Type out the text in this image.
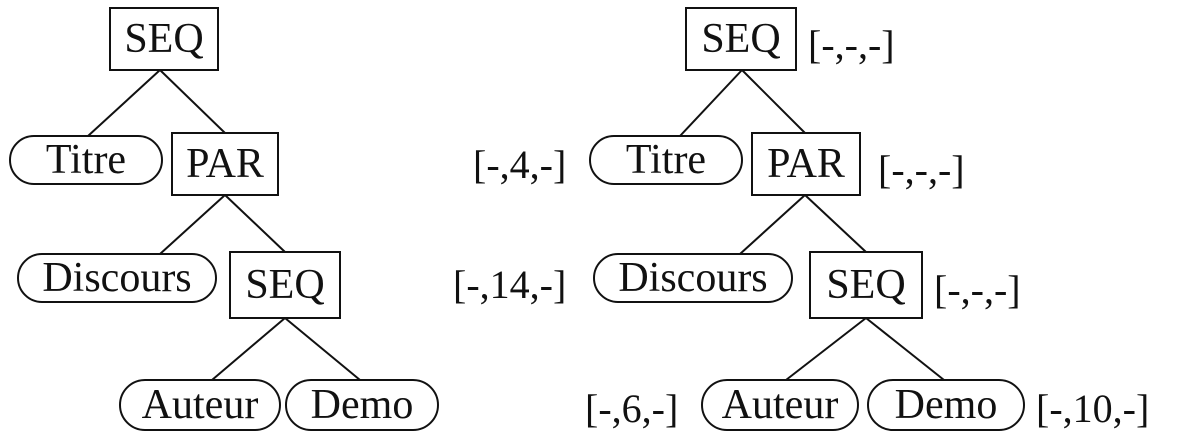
SEQ
Titre PAR
Discours SEQ
Auteur Demo
SEQ [-,-,-]
[-,4,-] Titre PAR [-,-,-]
[-,14,-] Discours SEQ [-,-,-]
[-,6,-] Auteur Demo [-,10,-]
